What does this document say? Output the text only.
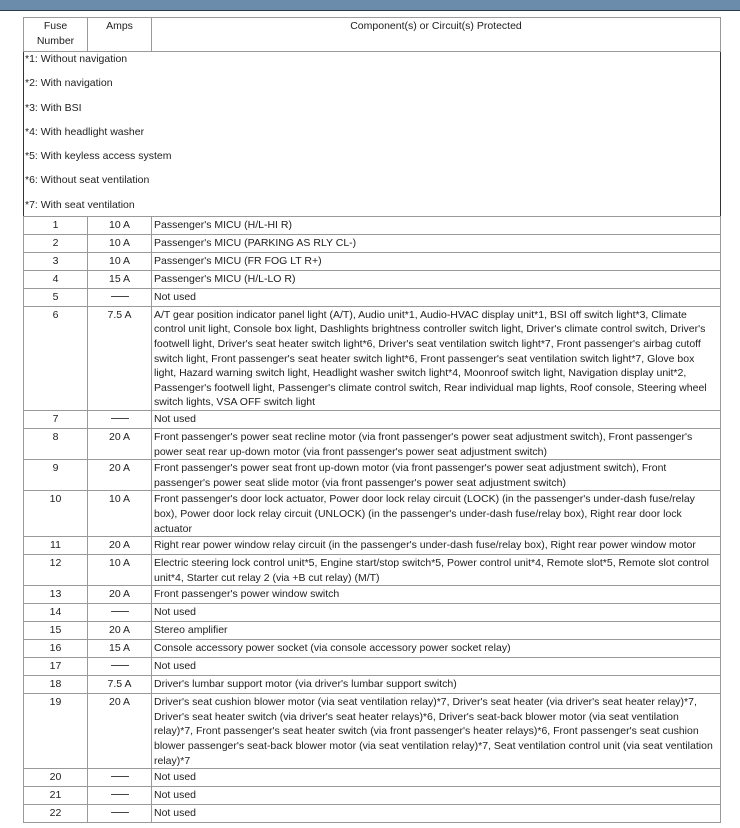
Fuse Number	Amps	Component(s) or Circuit(s) Protected
*1: Without navigation		
*2: With navigation		
*3: With BSI		
*4: With headlight washer		
*5: With keyless access system		
*6: Without seat ventilation		
*7: With seat ventilation		
1	10 A	Passenger's MICU (H/L-HI R)
2	10 A	Passenger's MICU (PARKING AS RLY CL-)
3	10 A	Passenger's MICU (FR FOG LT R+)
4	15 A	Passenger's MICU (H/L-LO R)
5		Not used
6	7.5 A	A/T gear position indicator panel light (A/T), Audio unit*1, Audio-HVAC display unit*1, BSI off switch light*3, Climate control unit light, Console box light, Dashlights brightness controller switch light, Driver's climate control switch, Driver's footwell light, Driver's seat heater switch light*6, Driver's seat ventilation switch light*7, Front passenger's airbag cutoff switch light, Front passenger's seat heater switch light*6, Front passenger's seat ventilation switch light*7, Glove box light, Hazard warning switch light, Headlight washer switch light*4, Moonroof switch light, Navigation display unit*2, Passenger's footwell light, Passenger's climate control switch, Rear individual map lights, Roof console, Steering wheel switch lights, VSA OFF switch light
7		Not used
8	20 A	Front passenger's power seat recline motor (via front passenger's power seat adjustment switch), Front passenger's power seat rear up-down motor (via front passenger's power seat adjustment switch)
9	20 A	Front passenger's power seat front up-down motor (via front passenger's power seat adjustment switch), Front passenger's power seat slide motor (via front passenger's power seat adjustment switch)
10	10 A	Front passenger's door lock actuator, Power door lock relay circuit (LOCK) (in the passenger's under-dash fuse/relay box), Power door lock relay circuit (UNLOCK) (in the passenger's under-dash fuse/relay box), Right rear door lock actuator
11	20 A	Right rear power window relay circuit (in the passenger's under-dash fuse/relay box), Right rear power window motor
12	10 A	Electric steering lock control unit*5, Engine start/stop switch*5, Power control unit*4, Remote slot*5, Remote slot control unit*4, Starter cut relay 2 (via +B cut relay) (M/T)
13	20 A	Front passenger's power window switch
14		Not used
15	20 A	Stereo amplifier
16	15 A	Console accessory power socket (via console accessory power socket relay)
17		Not used
18	7.5 A	Driver's lumbar support motor (via driver's lumbar support switch)
19	20 A	Driver's seat cushion blower motor (via seat ventilation relay)*7, Driver's seat heater (via driver's seat heater relay)*7, Driver's seat heater switch (via driver's seat heater relays)*6, Driver's seat-back blower motor (via seat ventilation relay)*7, Front passenger's seat heater switch (via front passenger's heater relays)*6, Front passenger's seat cushion blower passenger's seat-back blower motor (via seat ventilation relay)*7, Seat ventilation control unit (via seat ventilation relay)*7
20		Not used
21		Not used
22		Not used
